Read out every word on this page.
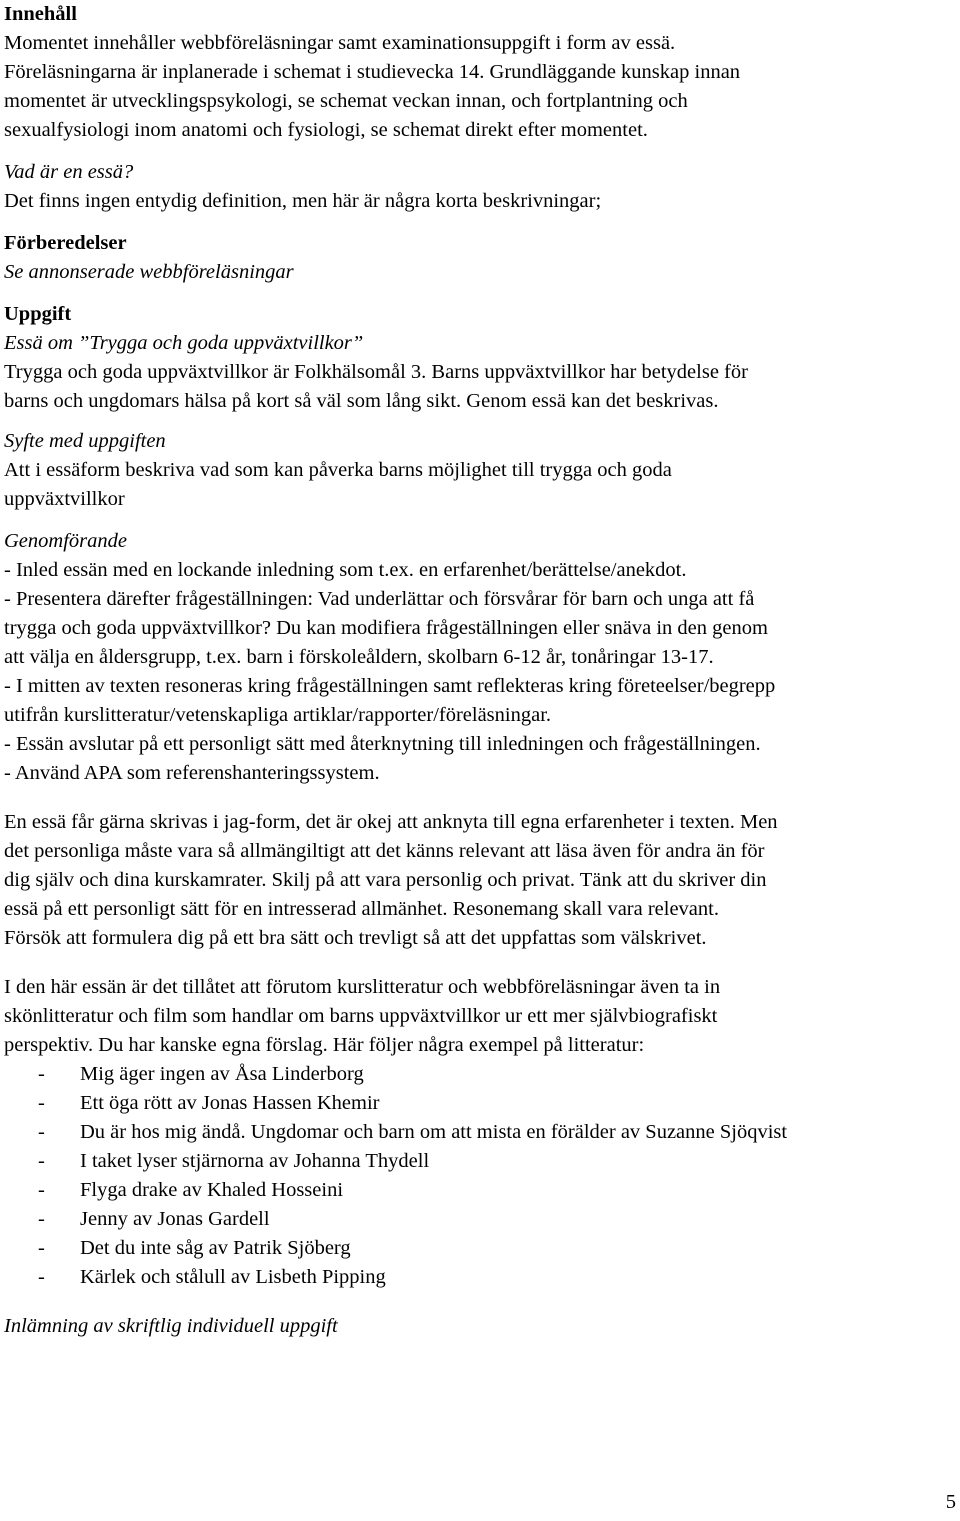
Innehåll

Momentet innehåller webbföreläsningar samt examinationsuppgift i form av essä.

Föreläsningarna är inplanerade i schemat i studievecka 14. Grundläggande kunskap innan

momentet är utvecklingspsykologi, se schemat veckan innan, och fortplantning och

sexualfysiologi inom anatomi och fysiologi, se schemat direkt efter momentet.

Vad är en essä?

Det finns ingen entydig definition, men här är några korta beskrivningar;

Förberedelser

Se annonserade webbföreläsningar

Uppgift

Essä om ”Trygga och goda uppväxtvillkor”

Trygga och goda uppväxtvillkor är Folkhälsomål 3. Barns uppväxtvillkor har betydelse för

barns och ungdomars hälsa på kort så väl som lång sikt. Genom essä kan det beskrivas.

Syfte med uppgiften

Att i essäform beskriva vad som kan påverka barns möjlighet till trygga och goda

uppväxtvillkor

Genomförande

- Inled essän med en lockande inledning som t.ex. en erfarenhet/berättelse/anekdot.

- Presentera därefter frågeställningen: Vad underlättar och försvårar för barn och unga att få

trygga och goda uppväxtvillkor? Du kan modifiera frågeställningen eller snäva in den genom

att välja en åldersgrupp, t.ex. barn i förskoleåldern, skolbarn 6-12 år, tonåringar 13-17.

- I mitten av texten resoneras kring frågeställningen samt reflekteras kring företeelser/begrepp

utifrån kurslitteratur/vetenskapliga artiklar/rapporter/föreläsningar.

- Essän avslutar på ett personligt sätt med återknytning till inledningen och frågeställningen.

- Använd APA som referenshanteringssystem.

En essä får gärna skrivas i jag-form, det är okej att anknyta till egna erfarenheter i texten. Men

det personliga måste vara så allmängiltigt att det känns relevant att läsa även för andra än för

dig själv och dina kurskamrater. Skilj på att vara personlig och privat. Tänk att du skriver din

essä på ett personligt sätt för en intresserad allmänhet. Resonemang skall vara relevant.

Försök att formulera dig på ett bra sätt och trevligt så att det uppfattas som välskrivet.

I den här essän är det tillåtet att förutom kurslitteratur och webbföreläsningar även ta in

skönlitteratur och film som handlar om barns uppväxtvillkor ur ett mer självbiografiskt

perspektiv. Du har kanske egna förslag. Här följer några exempel på litteratur:

-	Mig äger ingen av Åsa Linderborg
-	Ett öga rött av Jonas Hassen Khemir
-	Du är hos mig ändå. Ungdomar och barn om att mista en förälder av Suzanne Sjöqvist
-	I taket lyser stjärnorna av Johanna Thydell
-	Flyga drake av Khaled Hosseini
-	Jenny av Jonas Gardell
-	Det du inte såg av Patrik Sjöberg
-	Kärlek och stålull av Lisbeth Pipping

Inlämning av skriftlig individuell uppgift

5
